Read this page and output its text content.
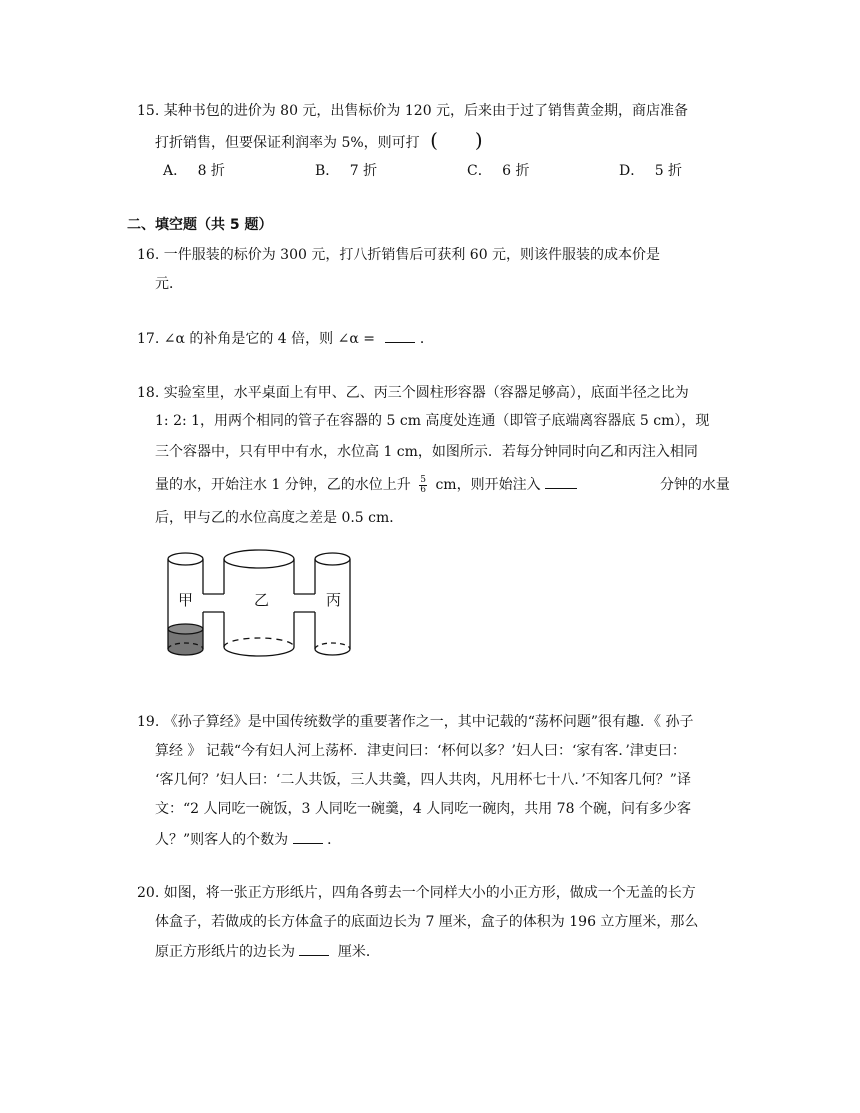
15. 某种书包的进价为 80 元，出售标价为 120 元，后来由于过了销售黄金期，商店准备
打折销售，但要保证利润率为 5%，则可打 ( )
A． 8 折	B． 7 折	C． 6 折	D． 5 折
二、填空题（共 5 题）
16. 一件服装的标价为 300 元，打八折销售后可获利 60 元，则该件服装的成本价是
元．
17. ∠α 的补角是它的 4 倍，则 ∠α =	．
18. 实验室里，水平桌面上有甲、乙、丙三个圆柱形容器（容器足够高），底面半径之比为
1: 2: 1，用两个相同的管子在容器的 5 cm 高度处连通（即管子底端离容器底 5 cm），现
三个容器中，只有甲中有水，水位高 1 cm，如图所示．若每分钟同时向乙和丙注入相同
量的水，开始注水 1 分钟，乙的水位上升 $\frac{5}{6}$ cm，则开始注入	分钟的水量
后，甲与乙的水位高度之差是 0.5 cm．
甲	乙	丙
19. 《孙子算经》是中国传统数学的重要著作之一，其中记载的“荡杯问题”很有趣．《 孙子
算经 》 记载“今有妇人河上荡杯．津吏问曰：‘杯何以多？’妇人曰：‘家有客．’津吏曰：
‘客几何？’妇人曰：‘二人共饭，三人共羹，四人共肉，凡用杯七十八．’不知客几何？”译
文：“2 人同吃一碗饭，3 人同吃一碗羹，4 人同吃一碗肉，共用 78 个碗，问有多少客
人？”则客人的个数为	．
20. 如图，将一张正方形纸片，四角各剪去一个同样大小的小正方形，做成一个无盖的长方
体盒子，若做成的长方体盒子的底面边长为 7 厘米，盒子的体积为 196 立方厘米，那么
原正方形纸片的边长为	厘米．
